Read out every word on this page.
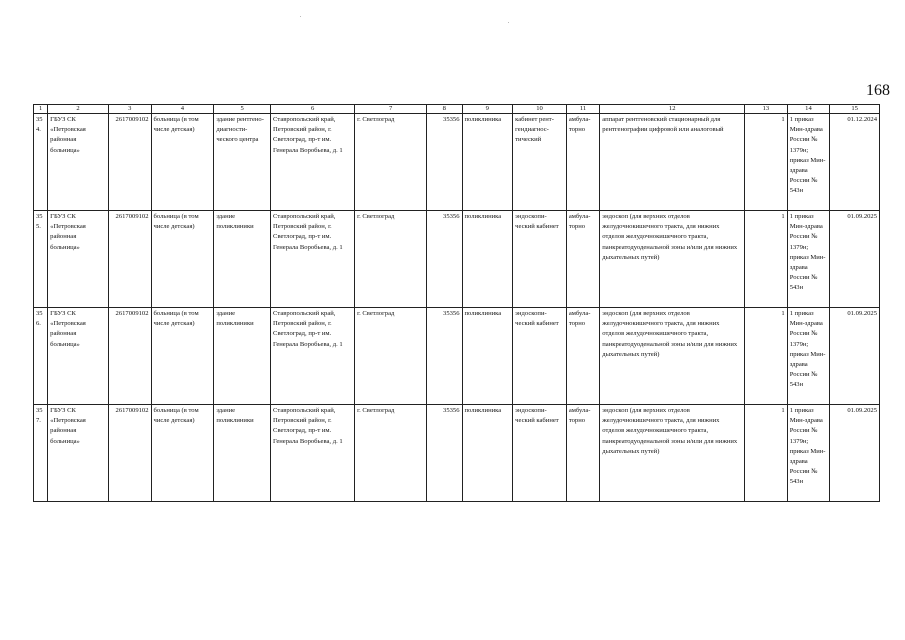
168
1	2	3	4	5	6	7	8	9	10	11	12	13	14	15
354.	ГБУЗ СК «Петровская районная больница»	2617009102	больница (в том числе детская)	здание рентгено-диагности-ческого центра	Ставропольский край, Петровский район, г. Светлоград, пр-т им. Генерала Воробьева, д. 1	г. Светлоград	35356	поликлиника	кабинет рент-гендиагнос-тический	амбула-торно	аппарат рентгеновский стационарный для рентгенографии цифровой или аналоговый	1	1 приказ Мин-здрава России № 1379н; приказ Мин-здрава России № 543н	01.12.2024
355.	ГБУЗ СК «Петровская районная больница»	2617009102	больница (в том числе детская)	здание поликлиники	Ставропольский край, Петровский район, г. Светлоград, пр-т им. Генерала Воробьева, д. 1	г. Светлоград	35356	поликлиника	эндоскопи-ческий кабинет	амбула-торно	эндоскоп (для верхних отделов желудочнокишечного тракта, для нижних отделов желудочнокишечного тракта, панкреатодуоденальной зоны и/или для нижних дыхательных путей)	1	1 приказ Мин-здрава России № 1379н; приказ Мин-здрава России № 543н	01.09.2025
356.	ГБУЗ СК «Петровская районная больница»	2617009102	больница (в том числе детская)	здание поликлиники	Ставропольский край, Петровский район, г. Светлоград, пр-т им. Генерала Воробьева, д. 1	г. Светлоград	35356	поликлиника	эндоскопи-ческий кабинет	амбула-торно	эндоскоп (для верхних отделов желудочнокишечного тракта, для нижних отделов желудочнокишечного тракта, панкреатодуоденальной зоны и/или для нижних дыхательных путей)	1	1 приказ Мин-здрава России № 1379н; приказ Мин-здрава России № 543н	01.09.2025
357.	ГБУЗ СК «Петровская районная больница»	2617009102	больница (в том числе детская)	здание поликлиники	Ставропольский край, Петровский район, г. Светлоград, пр-т им. Генерала Воробьева, д. 1	г. Светлоград	35356	поликлиника	эндоскопи-ческий кабинет	амбула-торно	эндоскоп (для верхних отделов желудочнокишечного тракта, для нижних отделов желудочнокишечного тракта, панкреатодуоденальной зоны и/или для нижних дыхательных путей)	1	1 приказ Мин-здрава России № 1379н; приказ Мин-здрава России № 543н	01.09.2025
